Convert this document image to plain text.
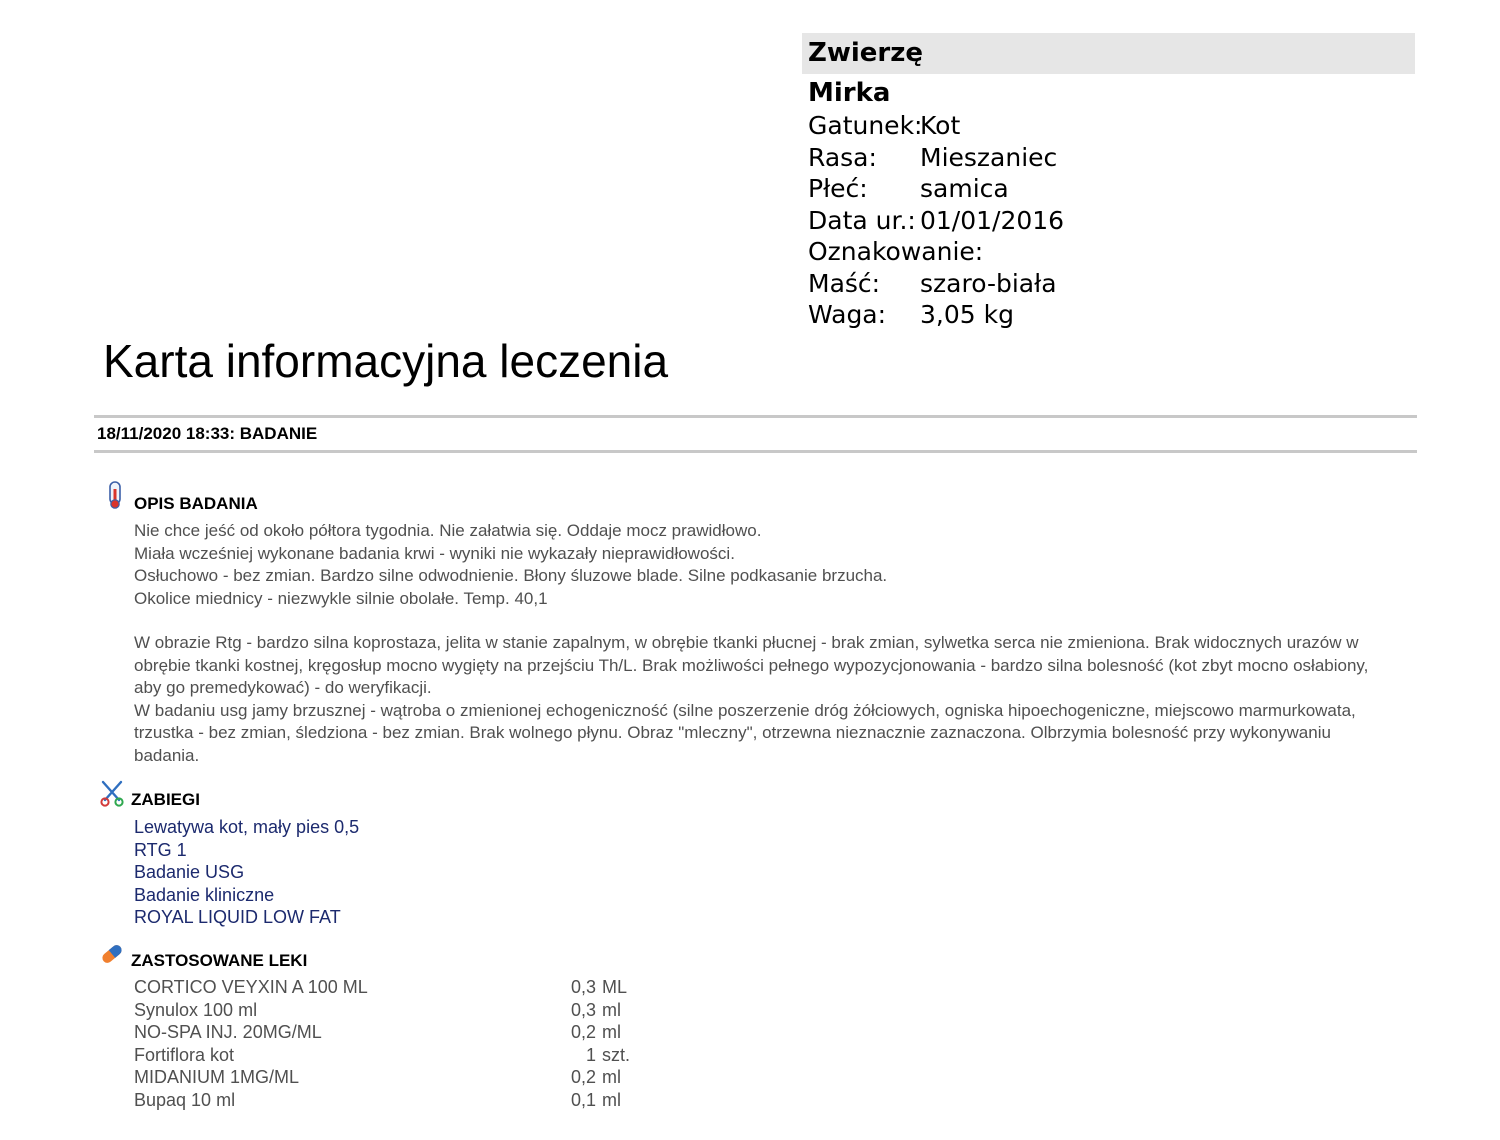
Zwierzę
Mirka
Gatunek:
Kot
Rasa: Mieszaniec
Płeć: samica
Data ur.: 01/01/2016
Oznakowanie:
Maść: szaro-biała
Waga: 3,05 kg
Karta informacyjna leczenia
18/11/2020 18:33: BADANIE
OPIS BADANIA

Nie chce jeść od około półtora tygodnia. Nie załatwia się. Oddaje mocz prawidłowo.

Miała wcześniej wykonane badania krwi - wyniki nie wykazały nieprawidłowości.

Osłuchowo - bez zmian. Bardzo silne odwodnienie. Błony śluzowe blade. Silne podkasanie brzucha.

Okolice miednicy - niezwykle silnie obolałe. Temp. 40,1

W obrazie Rtg - bardzo silna koprostaza, jelita w stanie zapalnym, w obrębie tkanki płucnej - brak zmian, sylwetka serca nie zmieniona. Brak widocznych urazów w obrębie tkanki kostnej, kręgosłup mocno wygięty na przejściu Th/L. Brak możliwości pełnego wypozycjonowania - bardzo silna bolesność (kot zbyt mocno osłabiony, aby go premedykować) - do weryfikacji.

W badaniu usg jamy brzusznej - wątroba o zmienionej echogeniczność (silne poszerzenie dróg żółciowych, ogniska hipoechogeniczne, miejscowo marmurkowata, trzustka - bez zmian, śledziona - bez zmian. Brak wolnego płynu. Obraz "mleczny", otrzewna nieznacznie zaznaczona. Olbrzymia bolesność przy wykonywaniu badania.

ZABIEGI
Lewatywa kot, mały pies 0,5
RTG 1
Badanie USG
Badanie kliniczne
ROYAL LIQUID LOW FAT
ZASTOSOWANE LEKI
CORTICO VEYXIN A 100 ML	0,3 ML
Synulox 100 ml	0,3 ml
NO-SPA INJ. 20MG/ML	0,2 ml
Fortiflora kot	1 szt.
MIDANIUM 1MG/ML	0,2 ml
Bupaq 10 ml	0,1 ml
